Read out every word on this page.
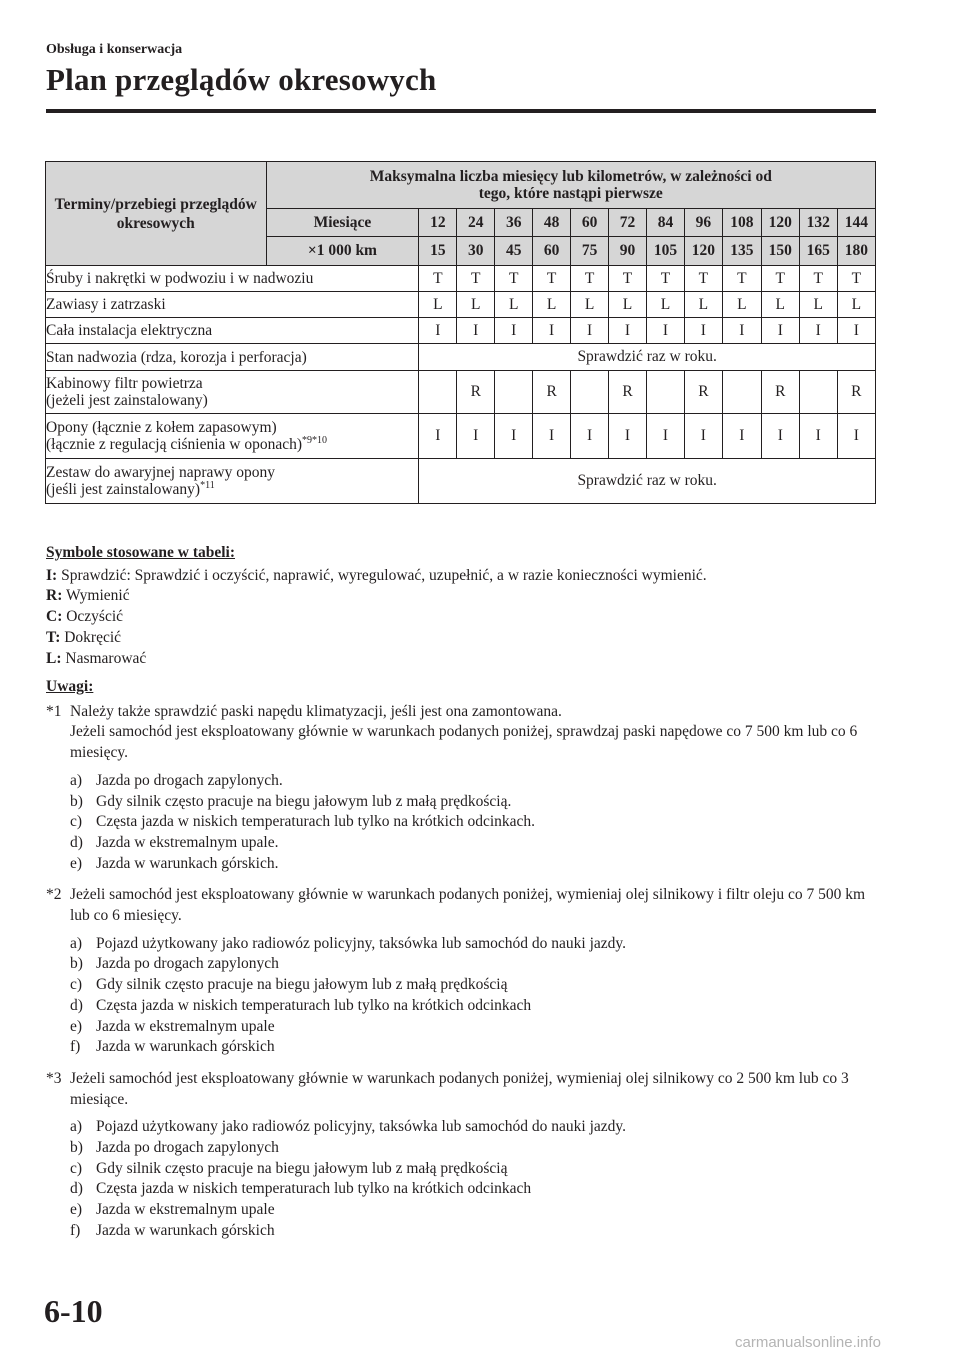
Obsługa i konserwacja
Plan przeglądów okresowych
Terminy/przebiegi przeglądów okresowych	Maksymalna liczba miesięcy lub kilometrów, w zależności od tego, które nastąpi pierwsze												
	Miesiące	12	24	36	48	60	72	84	96	108	120	132	144
	×1 000 km	15	30	45	60	75	90	105	120	135	150	165	180
Śruby i nakrętki w podwoziu i w nadwoziu		T	T	T	T	T	T	T	T	T	T	T	T
Zawiasy i zatrzaski		L	L	L	L	L	L	L	L	L	L	L	L
Cała instalacja elektryczna		I	I	I	I	I	I	I	I	I	I	I	I
Stan nadwozia (rdza, korozja i perforacja)		Sprawdzić raz w roku.											
Kabinowy filtr powietrza
(jeżeli jest zainstalowany)			R		R		R		R		R		R
Opony (łącznie z kołem zapasowym)
(łącznie z regulacją ciśnienia w oponach)$^{*9*10}$		I	I	I	I	I	I	I	I	I	I	I	I
Zestaw do awaryjnej naprawy opony
(jeśli jest zainstalowany)$^{*11}$		Sprawdzić raz w roku.											
Symbole stosowane w tabeli:
I: Sprawdzić: Sprawdzić i oczyścić, naprawić, wyregulować, uzupełnić, a w razie konieczności wymienić.
R: Wymienić
C: Oczyścić
T: Dokręcić
L: Nasmarować
Uwagi:
*1 Należy także sprawdzić paski napędu klimatyzacji, jeśli jest ona zamontowana.
Jeżeli samochód jest eksploatowany głównie w warunkach podanych poniżej, sprawdzaj paski napędowe co 7 500 km lub co 6 miesięcy.
a) Jazda po drogach zapylonych.
b) Gdy silnik często pracuje na biegu jałowym lub z małą prędkością.
c) Częsta jazda w niskich temperaturach lub tylko na krótkich odcinkach.
d) Jazda w ekstremalnym upale.
e) Jazda w warunkach górskich.
*2 Jeżeli samochód jest eksploatowany głównie w warunkach podanych poniżej, wymieniaj olej silnikowy i filtr oleju co 7 500 km lub co 6 miesięcy.
a) Pojazd użytkowany jako radiowóz policyjny, taksówka lub samochód do nauki jazdy.
b) Jazda po drogach zapylonych
c) Gdy silnik często pracuje na biegu jałowym lub z małą prędkością
d) Częsta jazda w niskich temperaturach lub tylko na krótkich odcinkach
e) Jazda w ekstremalnym upale
f)	Jazda w warunkach górskich
*3 Jeżeli samochód jest eksploatowany głównie w warunkach podanych poniżej, wymieniaj olej silnikowy co 2 500 km lub co 3 miesiące.
a) Pojazd użytkowany jako radiowóz policyjny, taksówka lub samochód do nauki jazdy.
b) Jazda po drogach zapylonych
c) Gdy silnik często pracuje na biegu jałowym lub z małą prędkością
d) Częsta jazda w niskich temperaturach lub tylko na krótkich odcinkach
e) Jazda w ekstremalnym upale
f)	Jazda w warunkach górskich
6-10
carmanualsonline.info
